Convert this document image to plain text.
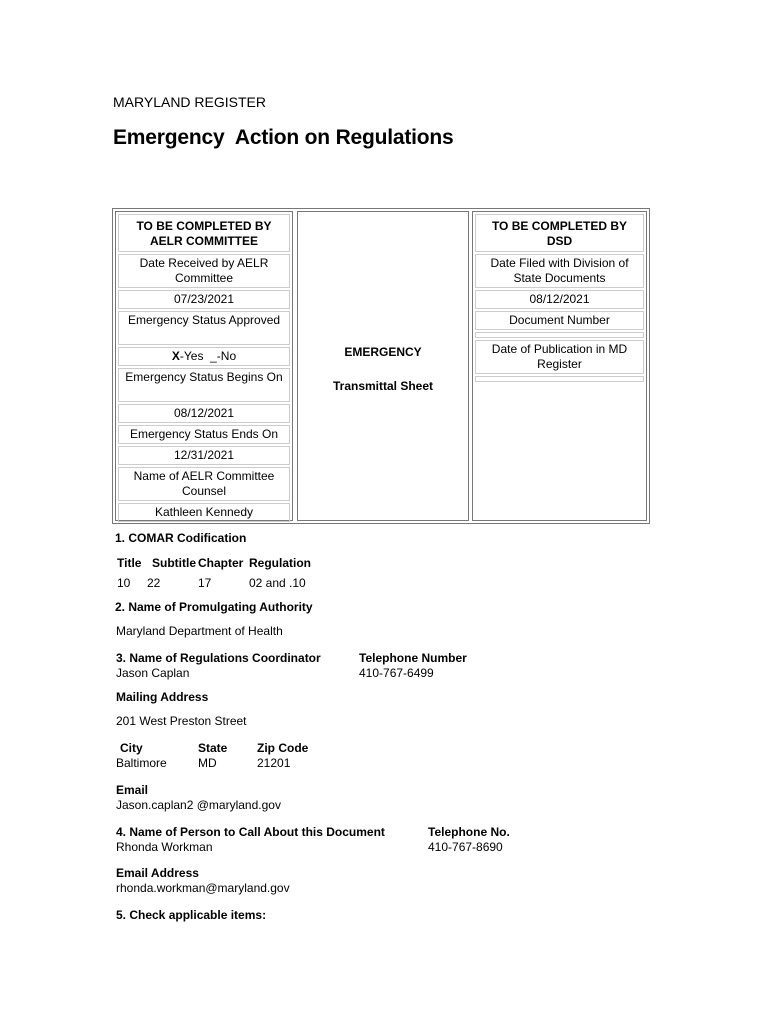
MARYLAND REGISTER
Emergency  Action on Regulations
TO BE COMPLETED BY AELR COMMITTEE
Date Received by AELR Committee
07/23/2021
Emergency Status Approved
X-Yes  _-No
Emergency Status Begins On
08/12/2021
Emergency Status Ends On
12/31/2021
Name of AELR Committee Counsel
Kathleen Kennedy
EMERGENCY
Transmittal Sheet
TO BE COMPLETED BY DSD
Date Filed with Division of State Documents
08/12/2021
Document Number
Date of Publication in MD Register
1. COMAR Codification
Title Subtitle Chapter Regulation
10 22	17	02 and .10
2. Name of Promulgating Authority
Maryland Department of Health
3. Name of Regulations Coordinator
Jason Caplan
Telephone Number
410-767-6499
Mailing Address
201 West Preston Street
City
Baltimore
State
MD
Zip Code
21201
Email
Jason.caplan2 @maryland.gov
4. Name of Person to Call About this Document
Rhonda Workman
Telephone No.
410-767-8690
Email Address
rhonda.workman@maryland.gov
5. Check applicable items:
